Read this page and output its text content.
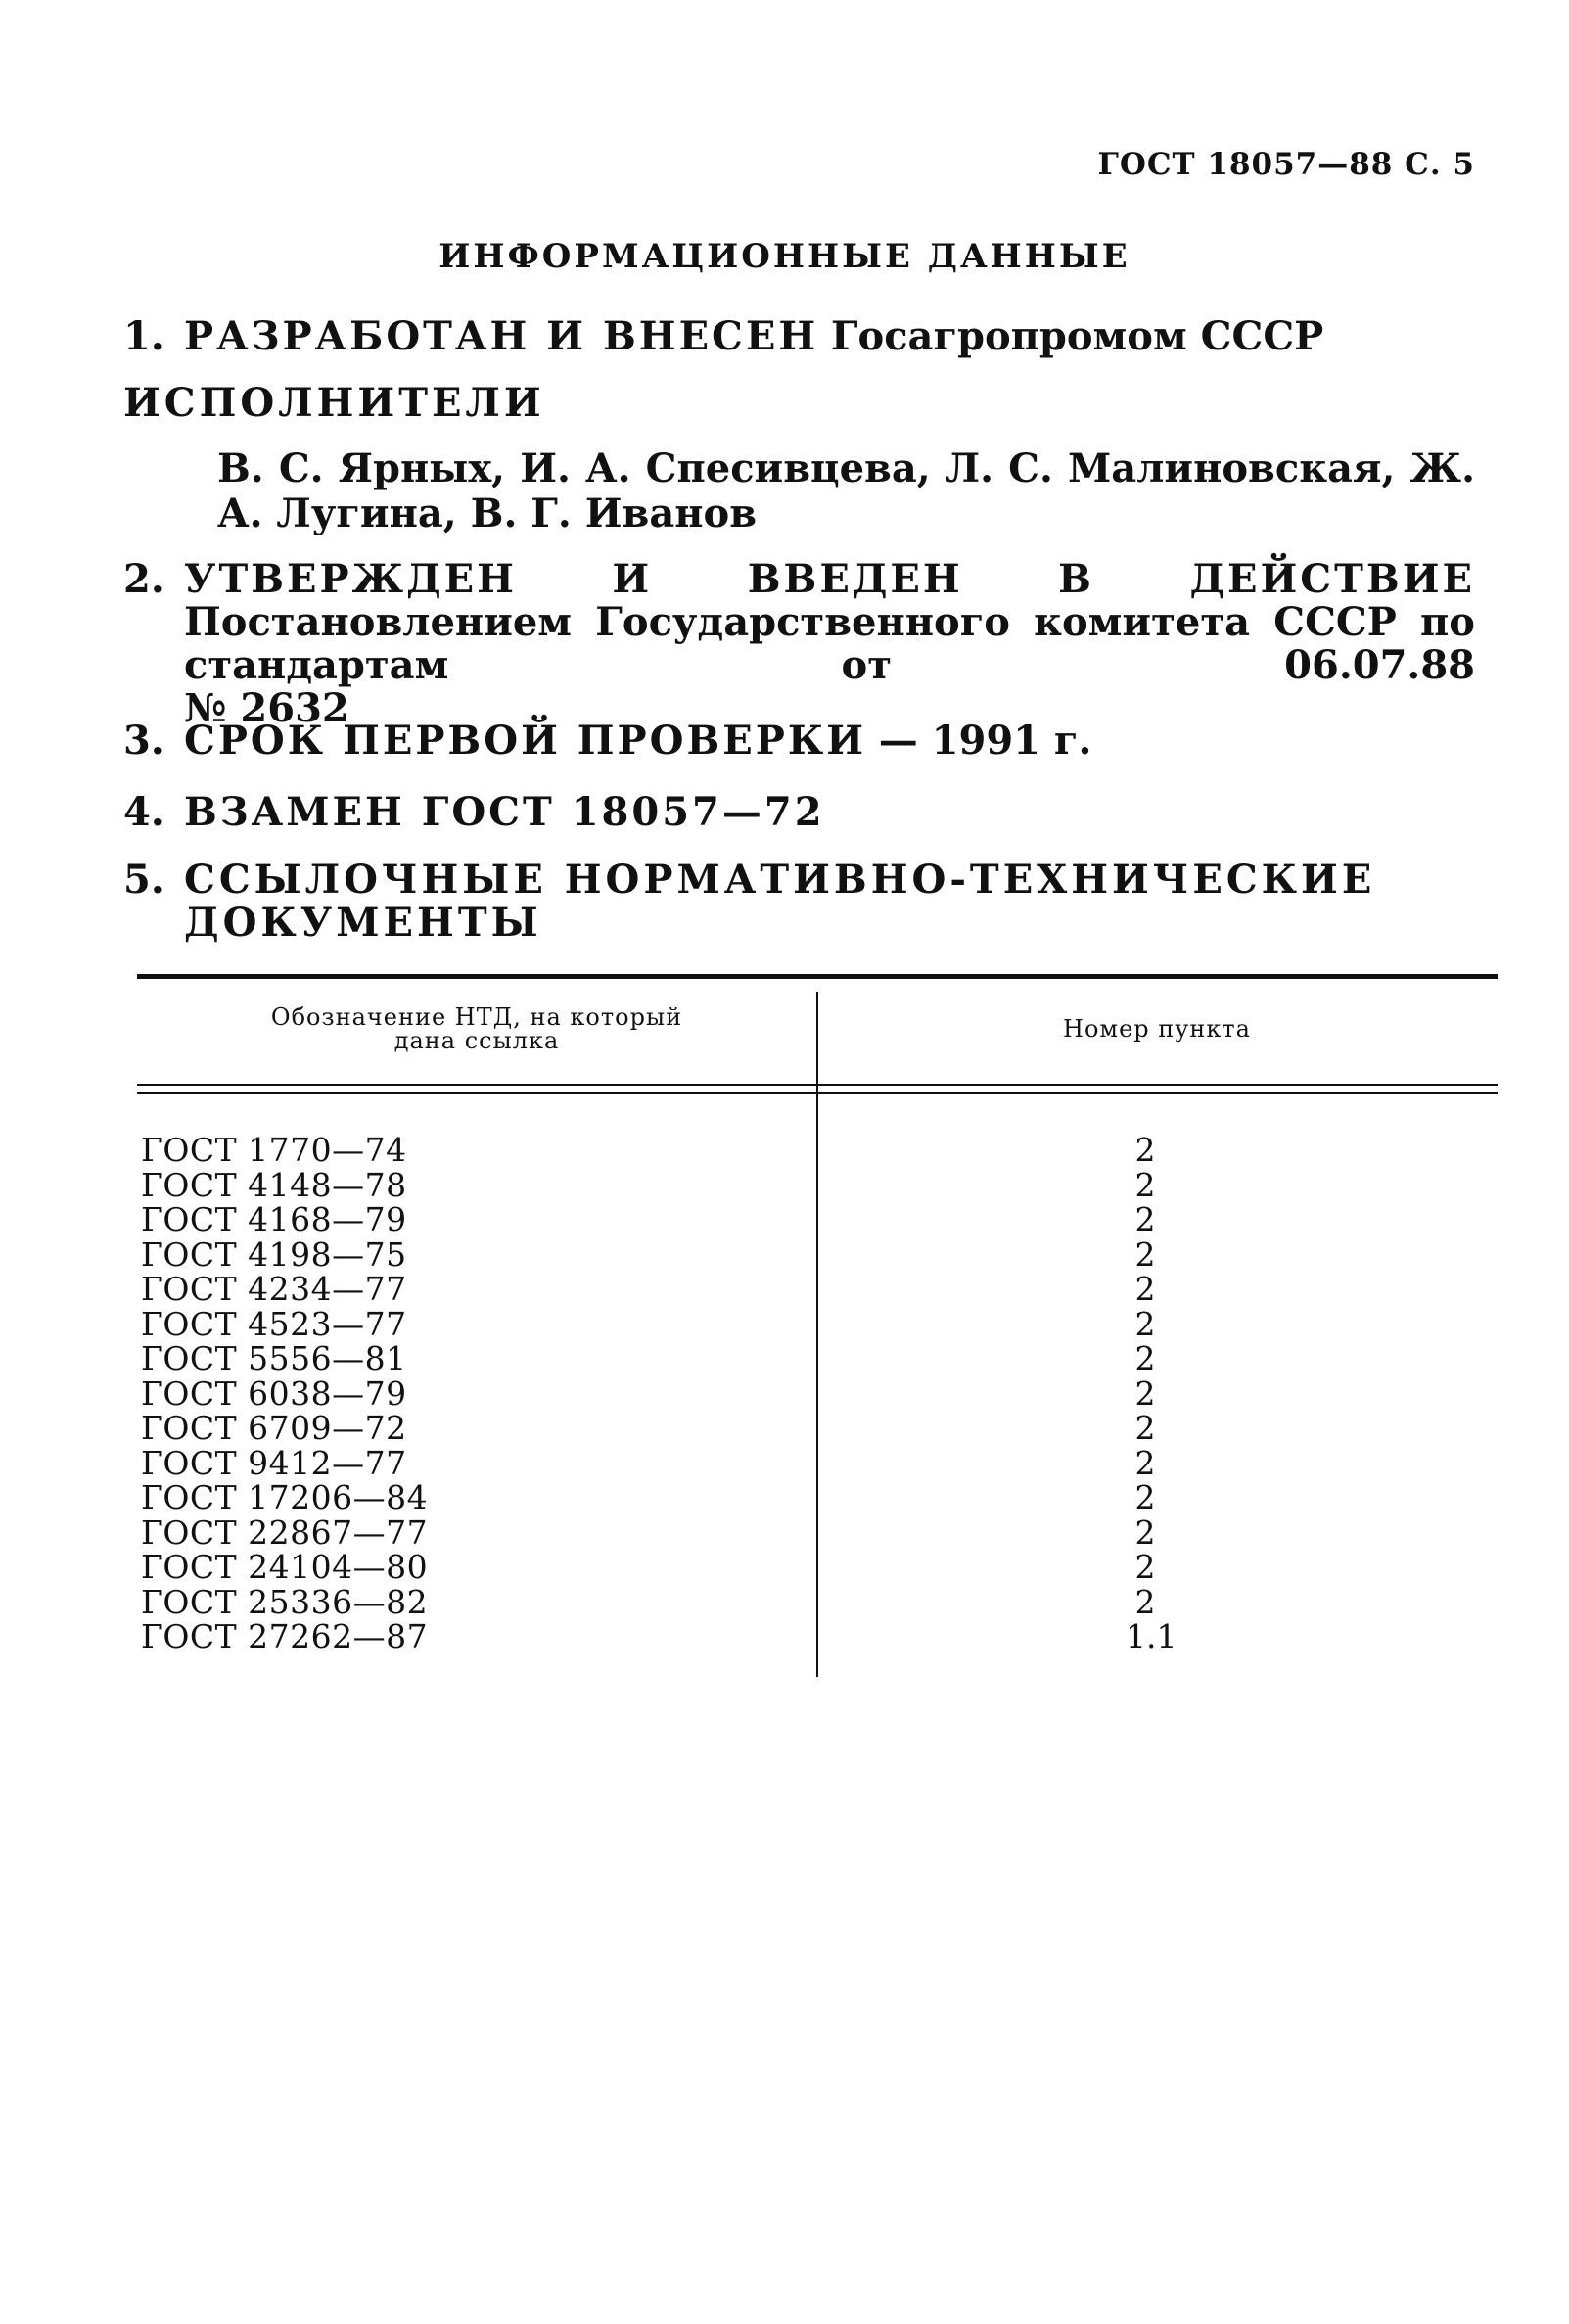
ГОСТ 18057—88 С. 5
ИНФОРМАЦИОННЫЕ ДАННЫЕ
1. РАЗРАБОТАН И ВНЕСЕН Госагропромом СССР
ИСПОЛНИТЕЛИ
В. С. Ярных, И. А. Спесивцева, Л. С. Малиновская, Ж. А. Лугина, В. Г. Иванов
2. УТВЕРЖДЕН И ВВЕДЕН В ДЕЙСТВИЕ Постановлением Государственного комитета СССР по стандартам от 06.07.88
№ 2632
3. СРОК ПЕРВОЙ ПРОВЕРКИ — 1991 г.
4. ВЗАМЕН ГОСТ 18057—72
5. ССЫЛОЧНЫЕ НОРМАТИВНО-ТЕХНИЧЕСКИЕ ДОКУМЕНТЫ
Обозначение НТД, на который дана ссылка	Номер пункта
ГОСТ 1770—74	2
ГОСТ 4148—78	2
ГОСТ 4168—79	2
ГОСТ 4198—75	2
ГОСТ 4234—77	2
ГОСТ 4523—77	2
ГОСТ 5556—81	2
ГОСТ 6038—79	2
ГОСТ 6709—72	2
ГОСТ 9412—77	2
ГОСТ 17206—84	2
ГОСТ 22867—77	2
ГОСТ 24104—80	2
ГОСТ 25336—82	2
ГОСТ 27262—87	1.1
